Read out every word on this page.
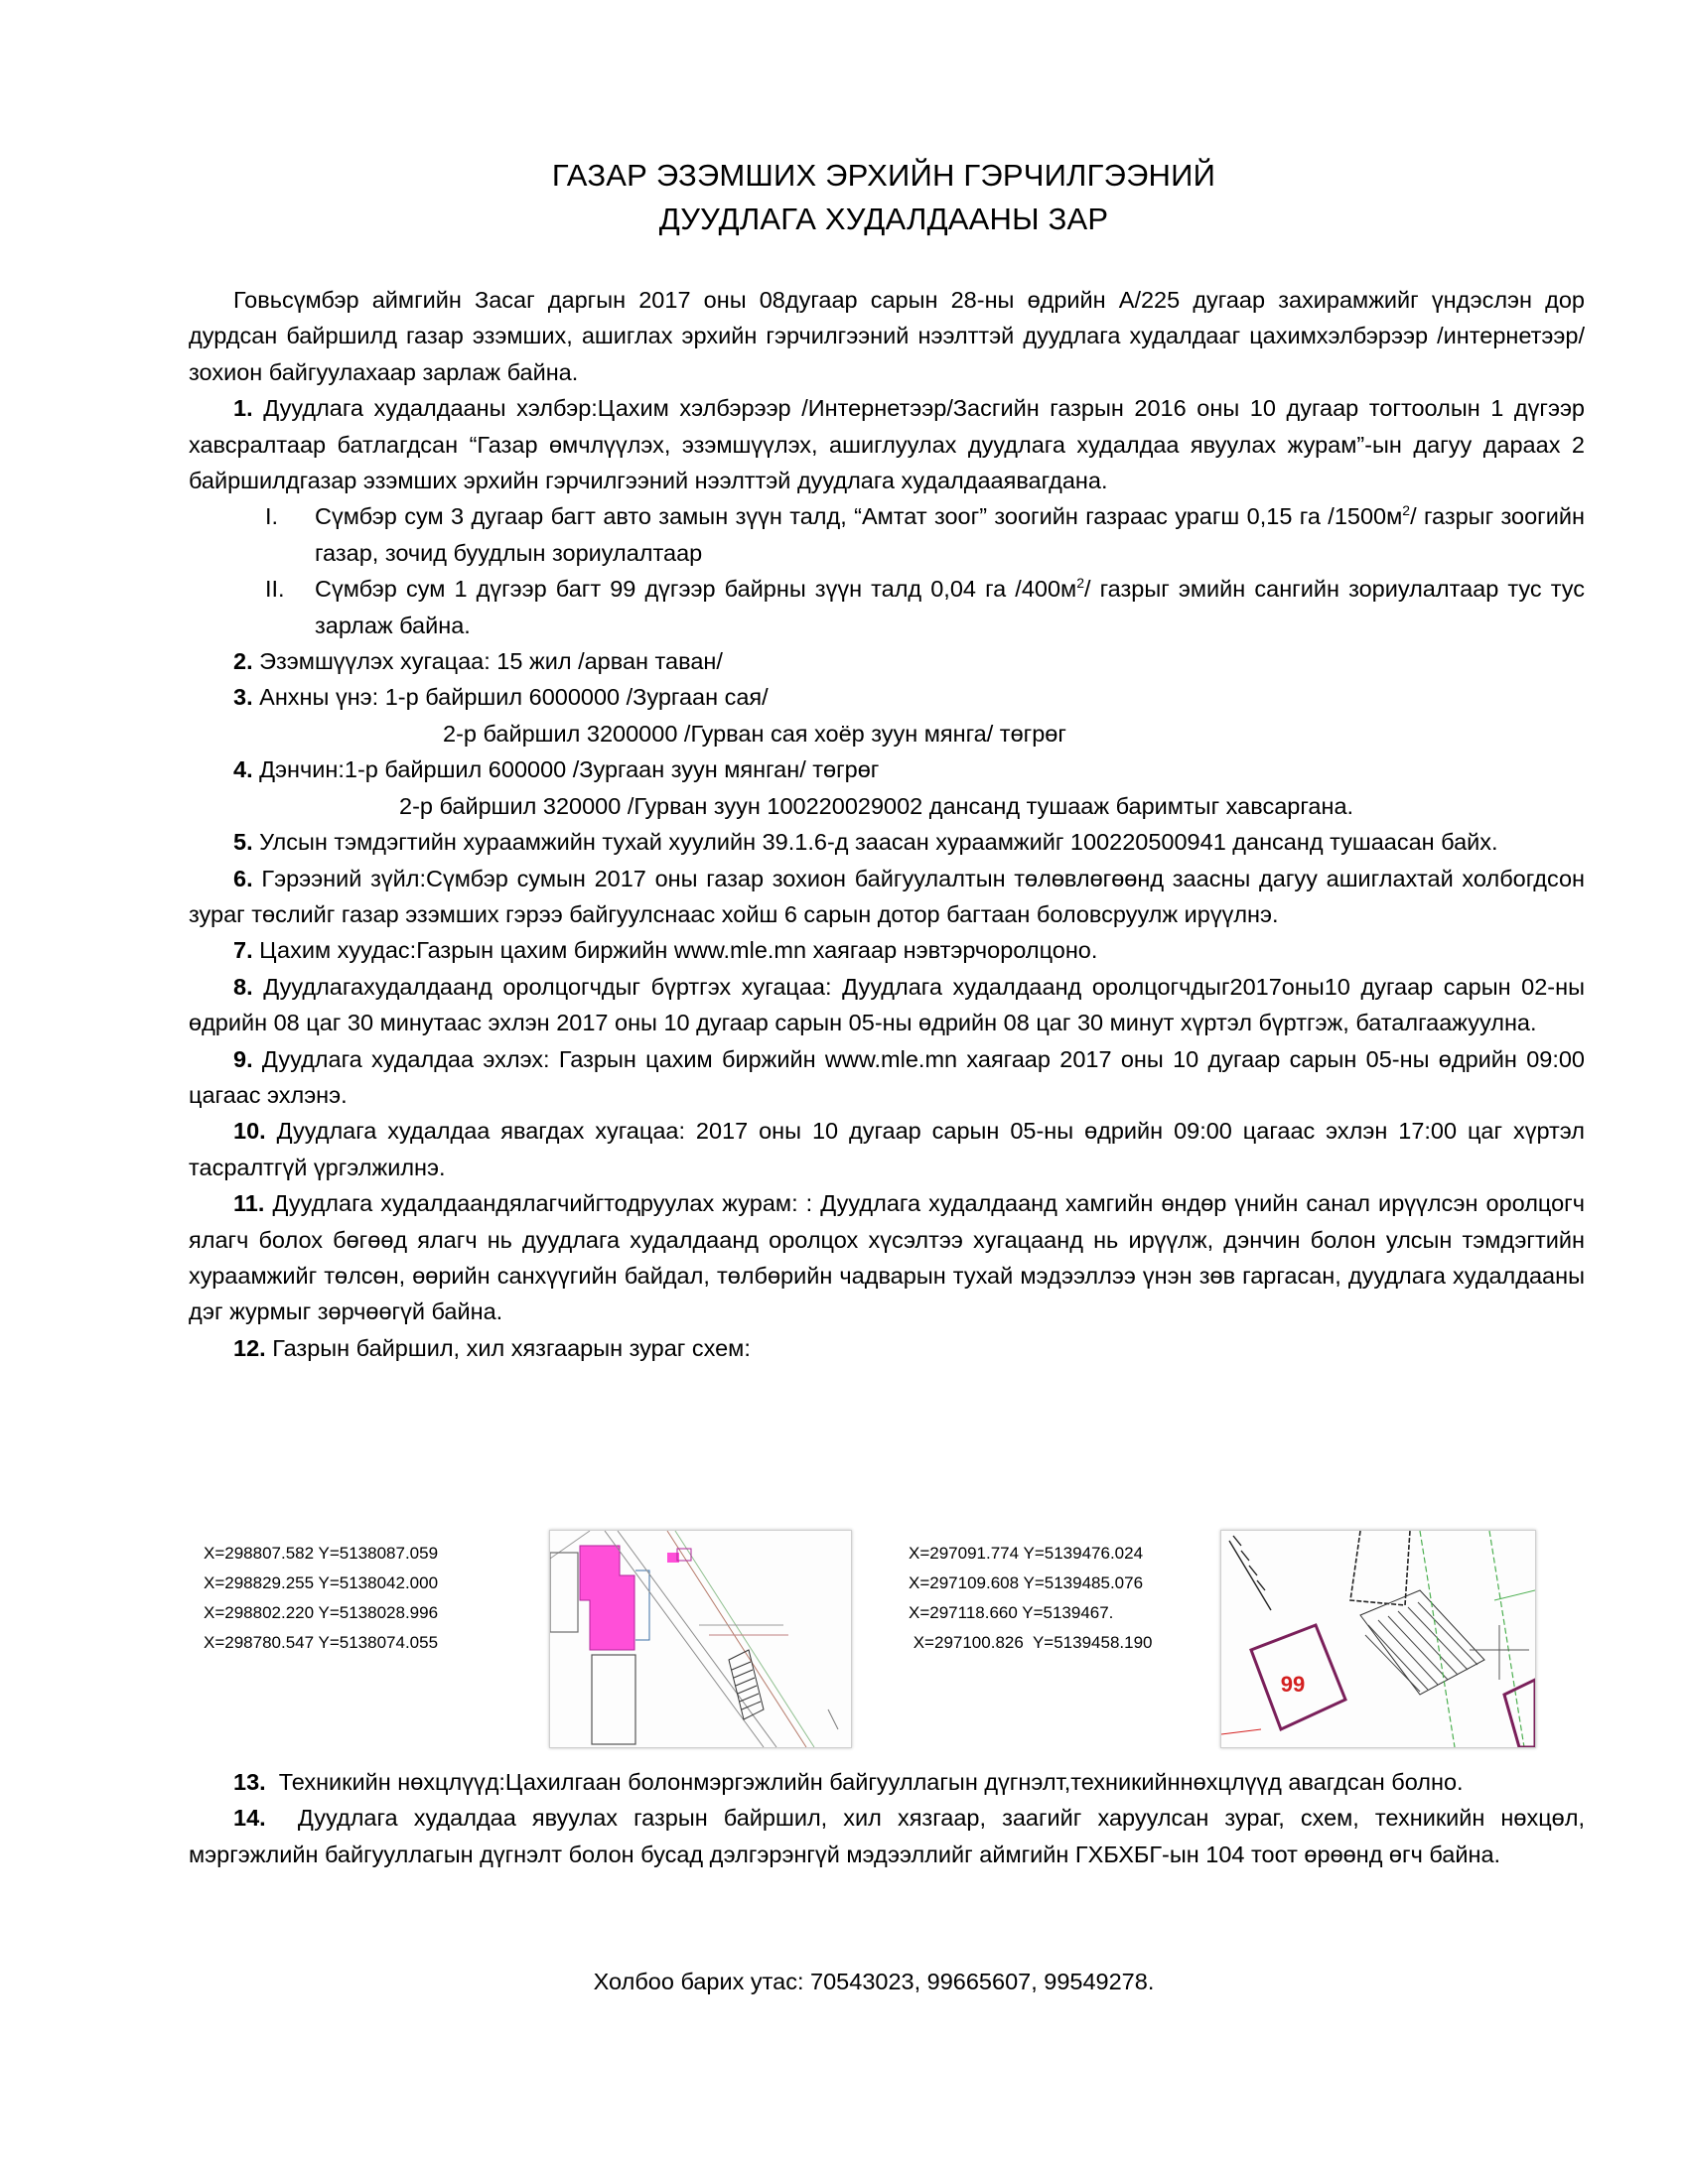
ГАЗАР ЭЗЭМШИХ ЭРХИЙН ГЭРЧИЛГЭЭНИЙ
ДУУДЛАГА ХУДАЛДААНЫ ЗАР

Говьсүмбэр аймгийн Засаг даргын 2017 оны 08дугаар сарын 28-ны өдрийн А/225 дугаар захирамжийг үндэслэн дор дурдсан байршилд газар эзэмших, ашиглах эрхийн гэрчилгээний нээлттэй дуудлага худалдааг цахимхэлбэрээр /интернетээр/ зохион байгуулахаар зарлаж байна.

1. Дуудлага худалдааны хэлбэр:Цахим хэлбэрээр /Интернетээр/Засгийн газрын 2016 оны 10 дугаар тогтоолын 1 дүгээр хавсралтаар батлагдсан “Газар өмчлүүлэх, эзэмшүүлэх, ашиглуулах дуудлага худалдаа явуулах журам”-ын дагуу дараах 2 байршилдгазар эзэмших эрхийн гэрчилгээний нээлттэй дуудлага худалдааявагдана.

I.	Сүмбэр сум 3 дугаар багт авто замын зүүн талд, “Амтат зоог” зоогийн газраас урагш 0,15 га $/1500м^2/$ газрыг зоогийн газар, зочид буудлын зориулалтаар
II.	Сүмбэр сум 1 дүгээр багт 99 дүгээр байрны зүүн талд 0,04 га $/400м^2/$ газрыг эмийн сангийн зориулалтаар тус тус зарлаж байна.

2. Эзэмшүүлэх хугацаа: 15 жил /арван таван/

3. Анхны үнэ: 1-р байршил 6000000 /Зургаан сая/

2-р байршил 3200000 /Гурван сая хоёр зуун мянга/ төгрөг

4. Дэнчин:1-р байршил 600000 /Зургаан зуун мянган/ төгрөг

2-р байршил 320000 /Гурван зуун 100220029002 дансанд тушааж баримтыг хавсаргана.

5. Улсын тэмдэгтийн хураамжийн тухай хуулийн 39.1.6-д заасан хураамжийг 100220500941 дансанд тушаасан байх.

6. Гэрээний зүйл:Сүмбэр сумын 2017 оны газар зохион байгуулалтын төлөвлөгөөнд заасны дагуу ашиглахтай холбогдсон зураг төслийг газар эзэмших гэрээ байгуулснаас хойш 6 сарын дотор багтаан боловсруулж ирүүлнэ.

7. Цахим хуудас:Газрын цахим биржийн www.mle.mn хаягаар нэвтэрчоролцоно.

8. Дуудлагахудалдаанд оролцогчдыг бүртгэх хугацаа: Дуудлага худалдаанд оролцогчдыг2017оны10 дугаар сарын 02-ны өдрийн 08 цаг 30 минутаас эхлэн 2017 оны 10 дугаар сарын 05-ны өдрийн 08 цаг 30 минут хүртэл бүртгэж, баталгаажуулна.

9. Дуудлага худалдаа эхлэх: Газрын цахим биржийн www.mle.mn хаягаар 2017 оны 10 дугаар сарын 05-ны өдрийн 09:00 цагаас эхлэнэ.

10. Дуудлага худалдаа явагдах хугацаа: 2017 оны 10 дугаар сарын 05-ны өдрийн 09:00 цагаас эхлэн 17:00 цаг хүртэл тасралтгүй үргэлжилнэ.

11. Дуудлага худалдаандялагчийгтодруулах журам: : Дуудлага худалдаанд хамгийн өндөр үнийн санал ирүүлсэн оролцогч ялагч болох бөгөөд ялагч нь дуудлага худалдаанд оролцох хүсэлтээ хугацаанд нь ирүүлж, дэнчин болон улсын тэмдэгтийн хураамжийг төлсөн, өөрийн санхүүгийн байдал, төлбөрийн чадварын тухай мэдээллээ үнэн зөв гаргасан, дуудлага худалдааны дэг журмыг зөрчөөгүй байна.

12. Газрын байршил, хил хязгаарын зураг схем:

X=298807.582 Y=5138087.059
X=298829.255 Y=5138042.000
X=298802.220 Y=5138028.996
X=298780.547 Y=5138074.055
X=297091.774 Y=5139476.024
X=297109.608 Y=5139485.076
X=297118.660 Y=5139467.
X=297100.826  Y=5139458.190
99

13. Техникийн нөхцлүүд:Цахилгаан болонмэргэжлийн байгууллагын дүгнэлт,техникийннөхцлүүд авагдсан болно.

14. Дуудлага худалдаа явуулах газрын байршил, хил хязгаар, заагийг харуулсан зураг, схем, техникийн нөхцөл, мэргэжлийн байгууллагын дүгнэлт болон бусад дэлгэрэнгүй мэдээллийг аймгийн ГХБХБГ-ын 104 тоот өрөөнд өгч байна.

Холбоо барих утас: 70543023, 99665607, 99549278.
